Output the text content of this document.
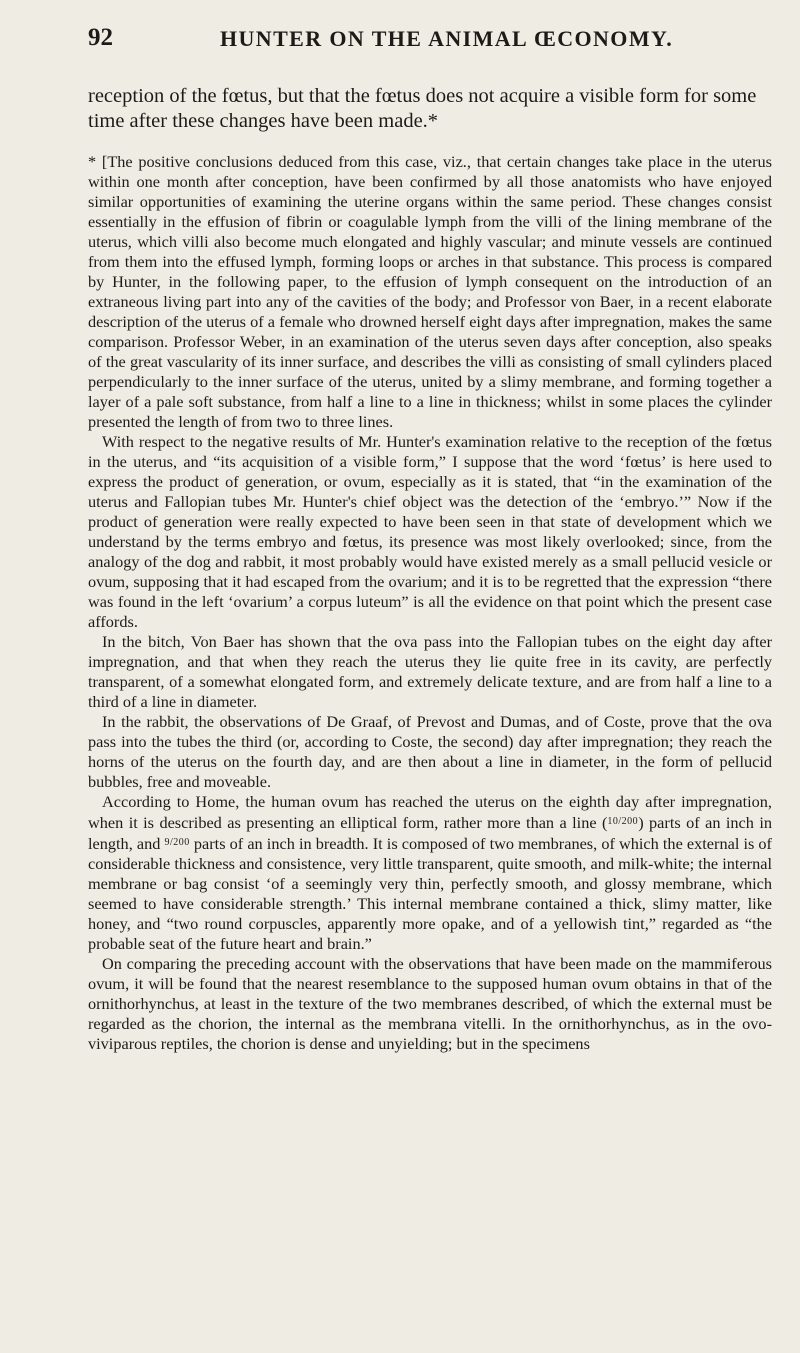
92	HUNTER ON THE ANIMAL ŒCONOMY.

reception of the fœtus, but that the fœtus does not acquire a visible form for some time after these changes have been made.*

* [The positive conclusions deduced from this case, viz., that certain changes take place in the uterus within one month after conception, have been confirmed by all those anatomists who have enjoyed similar opportunities of examining the uterine organs within the same period. These changes consist essentially in the effusion of fibrin or coagulable lymph from the villi of the lining membrane of the uterus, which villi also become much elongated and highly vascular; and minute vessels are continued from them into the effused lymph, forming loops or arches in that substance. This process is compared by Hunter, in the following paper, to the effusion of lymph consequent on the introduction of an extraneous living part into any of the cavities of the body; and Professor von Baer, in a recent elaborate description of the uterus of a female who drowned herself eight days after impregnation, makes the same comparison. Professor Weber, in an examination of the uterus seven days after conception, also speaks of the great vascularity of its inner surface, and describes the villi as consisting of small cylinders placed perpendicularly to the inner surface of the uterus, united by a slimy membrane, and forming together a layer of a pale soft substance, from half a line to a line in thickness; whilst in some places the cylinder presented the length of from two to three lines.

With respect to the negative results of Mr. Hunter's examination relative to the reception of the fœtus in the uterus, and “its acquisition of a visible form,” I suppose that the word ‘fœtus’ is here used to express the product of generation, or ovum, especially as it is stated, that “in the examination of the uterus and Fallopian tubes Mr. Hunter's chief object was the detection of the ‘embryo.’” Now if the product of generation were really expected to have been seen in that state of development which we understand by the terms embryo and fœtus, its presence was most likely overlooked; since, from the analogy of the dog and rabbit, it most probably would have existed merely as a small pellucid vesicle or ovum, supposing that it had escaped from the ovarium; and it is to be regretted that the expression “there was found in the left ‘ovarium’ a corpus luteum” is all the evidence on that point which the present case affords.

In the bitch, Von Baer has shown that the ova pass into the Fallopian tubes on the eight day after impregnation, and that when they reach the uterus they lie quite free in its cavity, are perfectly transparent, of a somewhat elongated form, and extremely delicate texture, and are from half a line to a third of a line in diameter.

In the rabbit, the observations of De Graaf, of Prevost and Dumas, and of Coste, prove that the ova pass into the tubes the third (or, according to Coste, the second) day after impregnation; they reach the horns of the uterus on the fourth day, and are then about a line in diameter, in the form of pellucid bubbles, free and moveable.

According to Home, the human ovum has reached the uterus on the eighth day after impregnation, when it is described as presenting an elliptical form, rather more than a line ($^{10/200}$) parts of an inch in length, and $^{9/200}$ parts of an inch in breadth. It is composed of two membranes, of which the external is of considerable thickness and consistence, very little transparent, quite smooth, and milk-white; the internal membrane or bag consist ‘of a seemingly very thin, perfectly smooth, and glossy membrane, which seemed to have considerable strength.’ This internal membrane contained a thick, slimy matter, like honey, and “two round corpuscles, apparently more opake, and of a yellowish tint,” regarded as “the probable seat of the future heart and brain.”

On comparing the preceding account with the observations that have been made on the mammiferous ovum, it will be found that the nearest resemblance to the supposed human ovum obtains in that of the ornithorhynchus, at least in the texture of the two membranes described, of which the external must be regarded as the chorion, the internal as the membrana vitelli. In the ornithorhynchus, as in the ovo-viviparous reptiles, the chorion is dense and unyielding; but in the specimens
